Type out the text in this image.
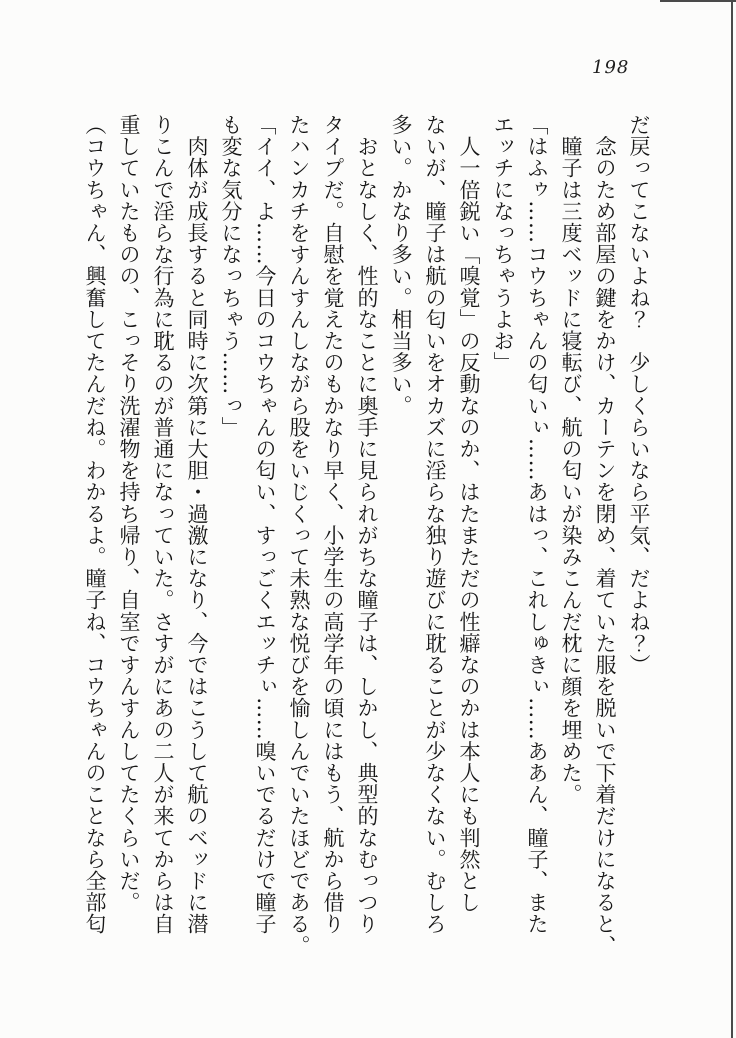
198
だ戻ってこないよね？　少しくらいなら平気、だよね？）
　念のため部屋の鍵をかけ、カーテンを閉め、着ていた服を脱いで下着だけになると、
　瞳子は三度ベッドに寝転び、航の匂いが染みこんだ枕に顔を埋めた。
「はふゥ……コウちゃんの匂いぃ……あはっ、これしゅきぃ……ああん、瞳子、また
エッチになっちゃうよお」
　人一倍鋭い「嗅覚」の反動なのか、はたまただの性癖なのかは本人にも判然とし
ないが、瞳子は航の匂いをオカズに淫らな独り遊びに耽ることが少なくない。むしろ
多い。かなり多い。相当多い。
　おとなしく、性的なことに奥手に見られがちな瞳子は、しかし、典型的なむっつり
タイプだ。自慰を覚えたのもかなり早く、小学生の高学年の頃にはもう、航から借り
たハンカチをすんすんしながら股をいじくって未熟な悦びを愉しんでいたほどである。
「イイ、よ……今日のコウちゃんの匂い、すっごくエッチぃ……嗅いでるだけで瞳子
も変な気分になっちゃう……っ」
　肉体が成長すると同時に次第に大胆・過激になり、今ではこうして航のベッドに潜
りこんで淫らな行為に耽るのが普通になっていた。さすがにあの二人が来てからは自
重していたものの、こっそり洗濯物を持ち帰り、自室ですんすんしてたくらいだ。
（コウちゃん、興奮してたんだね。わかるよ。瞳子ね、コウちゃんのことなら全部匂
